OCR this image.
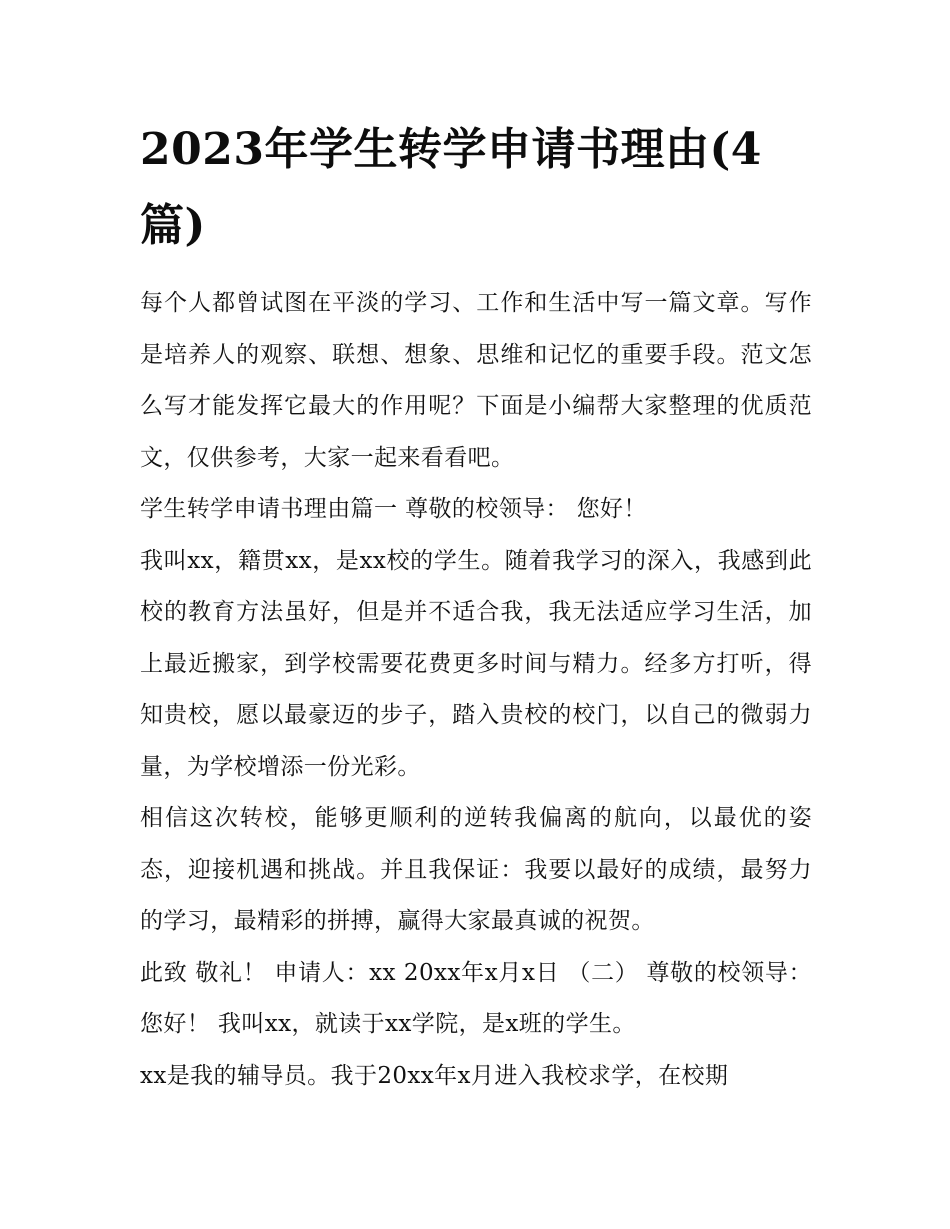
2023年学生转学申请书理由(4篇)

每个人都曾试图在平淡的学习、工作和生活中写一篇文章。写作是培养人的观察、联想、想象、思维和记忆的重要手段。范文怎么写才能发挥它最大的作用呢？下面是小编帮大家整理的优质范文，仅供参考，大家一起来看看吧。

学生转学申请书理由篇一 尊敬的校领导： 您好！

我叫xx，籍贯xx，是xx校的学生。随着我学习的深入，我感到此校的教育方法虽好，但是并不适合我，我无法适应学习生活，加上最近搬家，到学校需要花费更多时间与精力。经多方打听，得知贵校，愿以最豪迈的步子，踏入贵校的校门，以自己的微弱力量，为学校增添一份光彩。

相信这次转校，能够更顺利的逆转我偏离的航向，以最优的姿态，迎接机遇和挑战。并且我保证：我要以最好的成绩，最努力的学习，最精彩的拼搏，赢得大家最真诚的祝贺。

此致 敬礼！ 申请人：xx 20xx年x月x日 （二） 尊敬的校领导： 您好！ 我叫xx，就读于xx学院，是x班的学生。

xx是我的辅导员。我于20xx年x月进入我校求学，在校期
